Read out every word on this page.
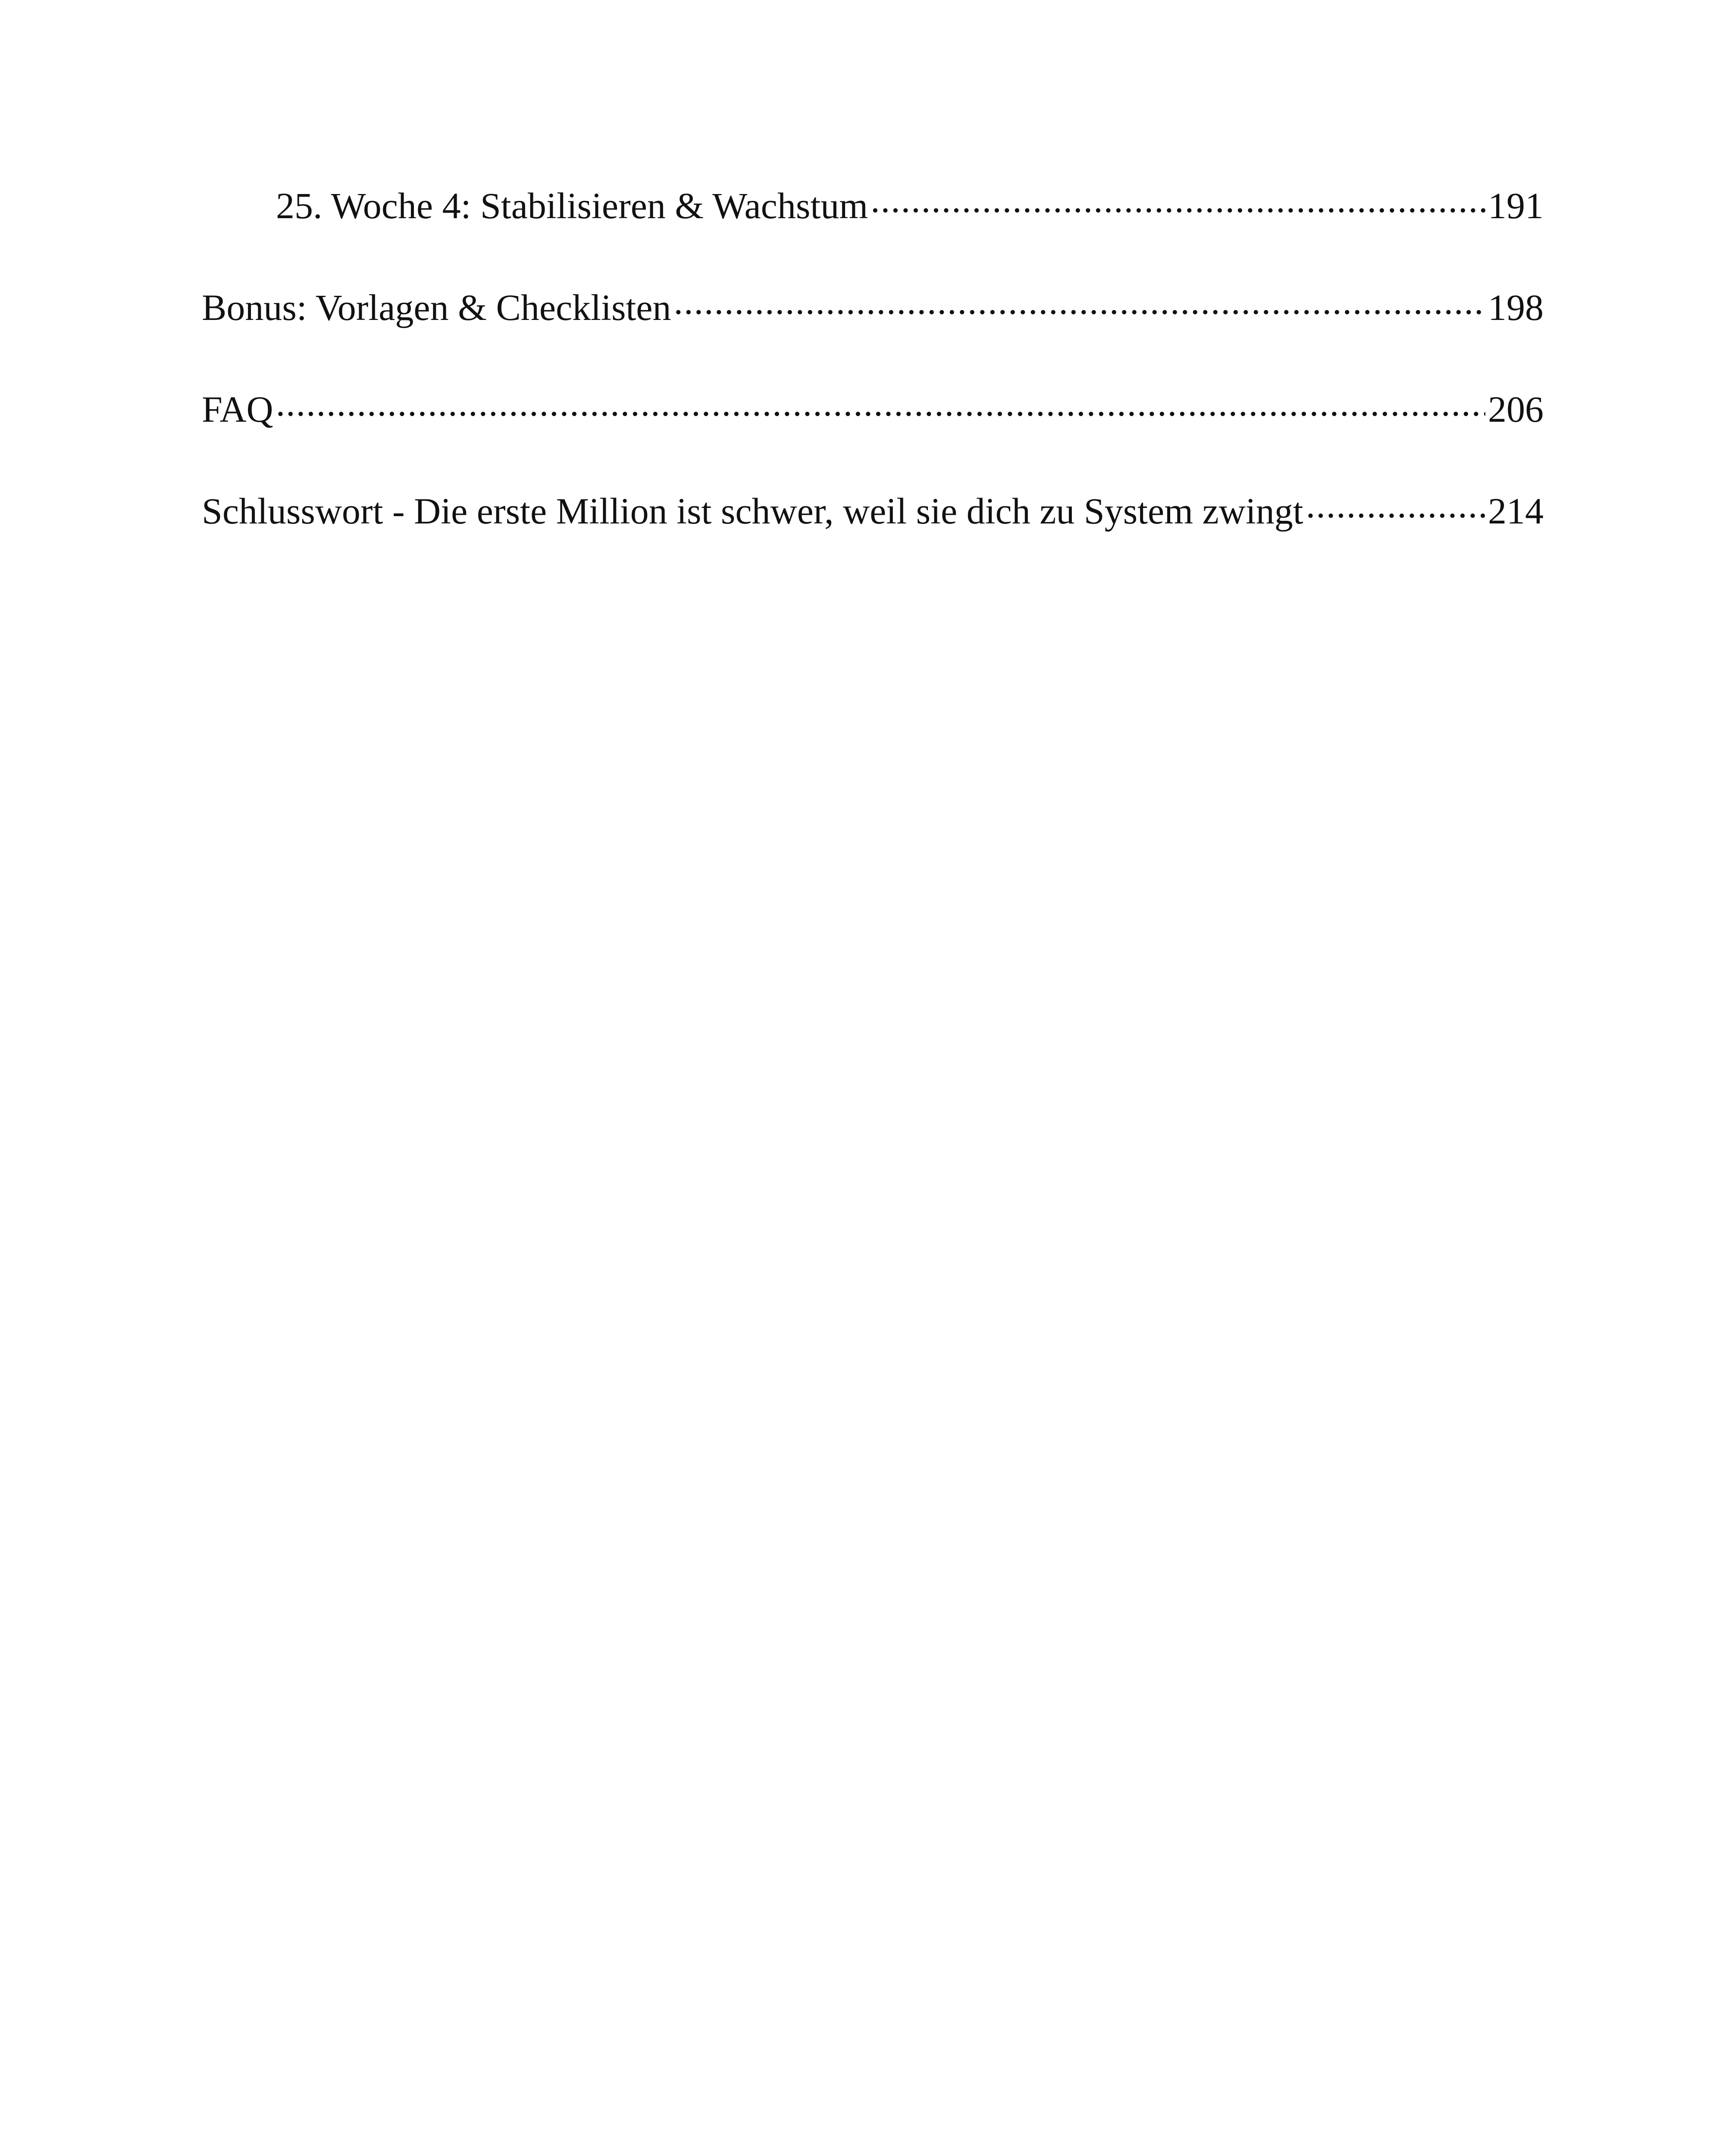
25. Woche 4: Stabilisieren & Wachstum .....	191
Bonus: Vorlagen & Checklisten .....	198
FAQ .....	206
Schlusswort - Die erste Million ist schwer, weil sie dich zu System zwingt .....	214
